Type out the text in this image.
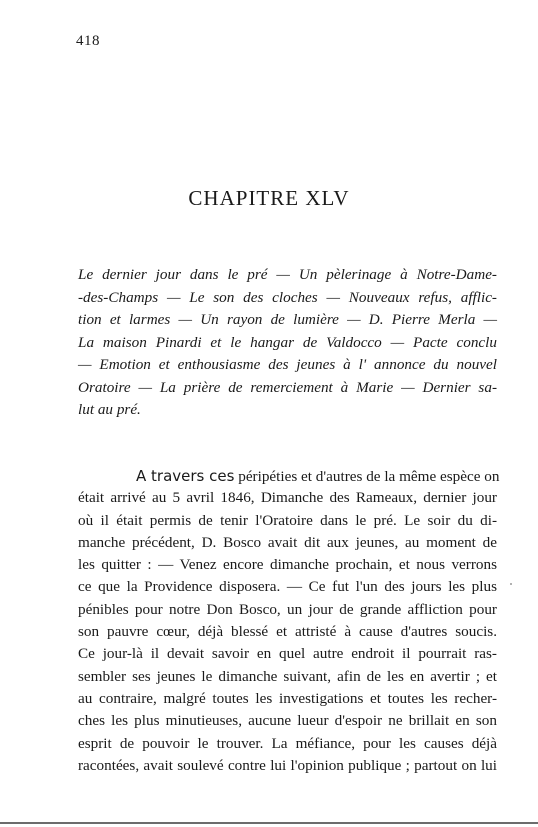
418
CHAPITRE XLV
Le dernier jour dans le pré — Un pèlerinage à Notre-Dame-
-des-Champs — Le son des cloches — Nouveaux refus, afflic-
tion et larmes — Un rayon de lumière — D. Pierre Merla —
La maison Pinardi et le hangar de Valdocco — Pacte conclu
— Emotion et enthousiasme des jeunes à l' annonce du nouvel
Oratoire — La prière de remerciement à Marie — Dernier sa-
lut au pré.
A travers ces péripéties et d'autres de la même espèce on
était arrivé au 5 avril 1846, Dimanche des Rameaux, dernier jour
où il était permis de tenir l'Oratoire dans le pré. Le soir du di-
manche précédent, D. Bosco avait dit aux jeunes, au moment de
les quitter : — Venez encore dimanche prochain, et nous verrons
ce que la Providence disposera. — Ce fut l'un des jours les plus
pénibles pour notre Don Bosco, un jour de grande affliction pour
son pauvre cœur, déjà blessé et attristé à cause d'autres soucis.
Ce jour-là il devait savoir en quel autre endroit il pourrait ras-
sembler ses jeunes le dimanche suivant, afin de les en avertir ; et
au contraire, malgré toutes les investigations et toutes les recher-
ches les plus minutieuses, aucune lueur d'espoir ne brillait en son
esprit de pouvoir le trouver. La méfiance, pour les causes déjà
racontées, avait soulevé contre lui l'opinion publique ; partout on lui
